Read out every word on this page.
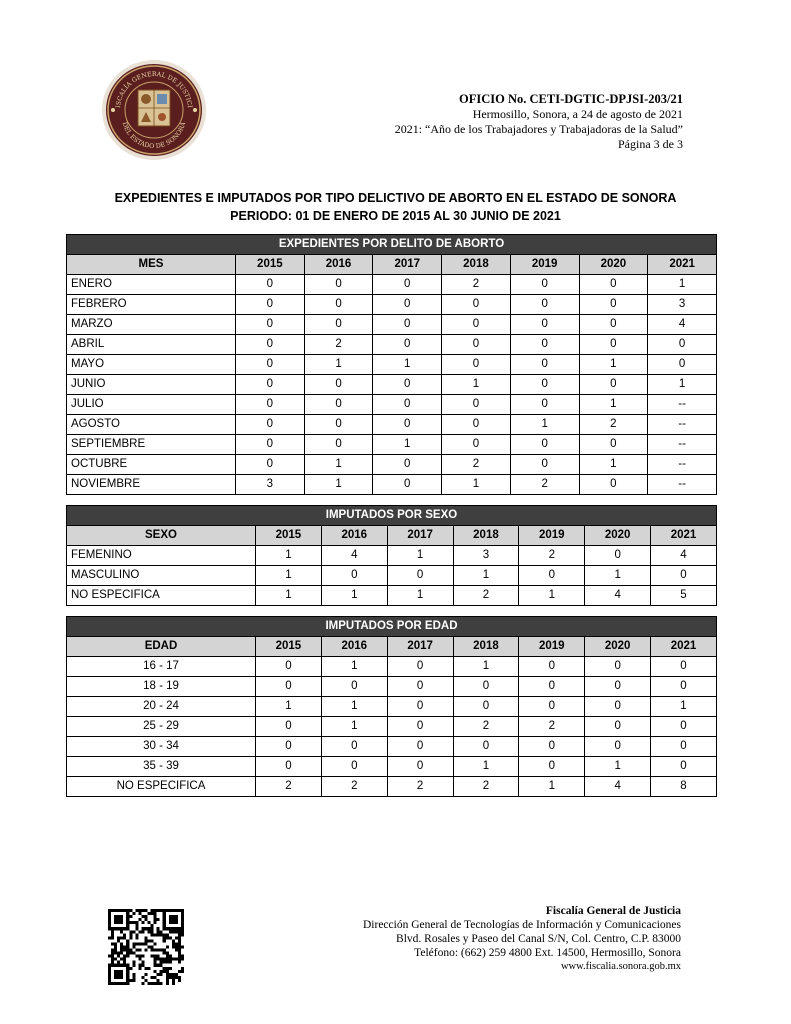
ISCALÍA GENERAL DE JUSTICI
DEL ESTADO DE SONORA
OFICIO No. CETI-DGTIC-DPJSI-203/21
Hermosillo, Sonora, a 24 de agosto de 2021
2021: “Año de los Trabajadores y Trabajadoras de la Salud”
Página 3 de 3
EXPEDIENTES E IMPUTADOS POR TIPO DELICTIVO DE ABORTO EN EL ESTADO DE SONORA
PERIODO: 01 DE ENERO DE 2015 AL 30 JUNIO DE 2021
EXPEDIENTES POR DELITO DE ABORTO							
MES	2015	2016	2017	2018	2019	2020	2021
ENERO	0	0	0	2	0	0	1
FEBRERO	0	0	0	0	0	0	3
MARZO	0	0	0	0	0	0	4
ABRIL	0	2	0	0	0	0	0
MAYO	0	1	1	0	0	1	0
JUNIO	0	0	0	1	0	0	1
JULIO	0	0	0	0	0	1	--
AGOSTO	0	0	0	0	1	2	--
SEPTIEMBRE	0	0	1	0	0	0	--
OCTUBRE	0	1	0	2	0	1	--
NOVIEMBRE	3	1	0	1	2	0	--
IMPUTADOS POR SEXO							
SEXO	2015	2016	2017	2018	2019	2020	2021
FEMENINO	1	4	1	3	2	0	4
MASCULINO	1	0	0	1	0	1	0
NO ESPECIFICA	1	1	1	2	1	4	5
IMPUTADOS POR EDAD							
EDAD	2015	2016	2017	2018	2019	2020	2021
16 - 17	0	1	0	1	0	0	0
18 - 19	0	0	0	0	0	0	0
20 - 24	1	1	0	0	0	0	1
25 - 29	0	1	0	2	2	0	0
30 - 34	0	0	0	0	0	0	0
35 - 39	0	0	0	1	0	1	0
NO ESPECIFICA	2	2	2	2	1	4	8
Fiscalía General de Justicia
Dirección General de Tecnologías de Información y Comunicaciones
Blvd. Rosales y Paseo del Canal S/N, Col. Centro, C.P. 83000
Teléfono: (662) 259 4800 Ext. 14500, Hermosillo, Sonora
www.fiscalia.sonora.gob.mx
